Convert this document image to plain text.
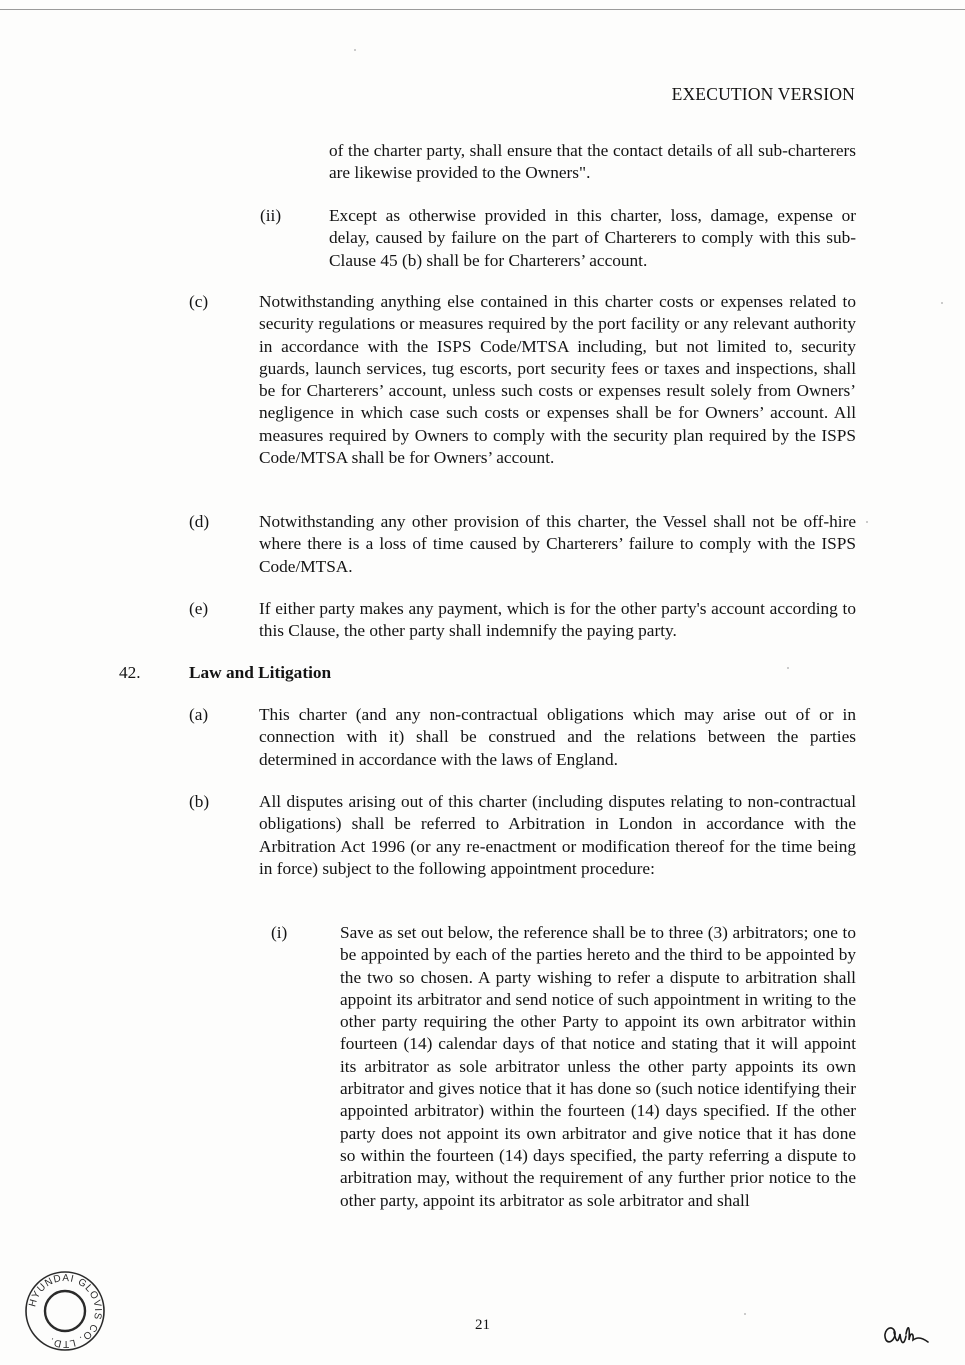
EXECUTION VERSION

of the charter party, shall ensure that the contact details of all sub-charterers are likewise provided to the Owners".

(ii)	Except as otherwise provided in this charter, loss, damage, expense or delay, caused by failure on the part of Charterers to comply with this sub-Clause 45 (b) shall be for Charterers’ account.

(c)	Notwithstanding anything else contained in this charter costs or expenses related to security regulations or measures required by the port facility or any relevant authority in accordance with the ISPS Code/MTSA including, but not limited to, security guards, launch services, tug escorts, port security fees or taxes and inspections, shall be for Charterers’ account, unless such costs or expenses result solely from Owners’ negligence in which case such costs or expenses shall be for Owners’ account. All measures required by Owners to comply with the security plan required by the ISPS Code/MTSA shall be for Owners’ account.

(d)	Notwithstanding any other provision of this charter, the Vessel shall not be off-hire where there is a loss of time caused by Charterers’ failure to comply with the ISPS Code/MTSA.

(e)	If either party makes any payment, which is for the other party's account according to this Clause, the other party shall indemnify the paying party.

42.	Law and Litigation
(a)	This charter (and any non-contractual obligations which may arise out of or in connection with it) shall be construed and the relations between the parties determined in accordance with the laws of England.

(b)	All disputes arising out of this charter (including disputes relating to non-contractual obligations) shall be referred to Arbitration in London in accordance with the Arbitration Act 1996 (or any re-enactment or modification thereof for the time being in force) subject to the following appointment procedure:

(i)	Save as set out below, the reference shall be to three (3) arbitrators; one to be appointed by each of the parties hereto and the third to be appointed by the two so chosen. A party wishing to refer a dispute to arbitration shall appoint its arbitrator and send notice of such appointment in writing to the other party requiring the other Party to appoint its own arbitrator within fourteen (14) calendar days of that notice and stating that it will appoint its arbitrator as sole arbitrator unless the other party appoints its own arbitrator and gives notice that it has done so (such notice identifying their appointed arbitrator) within the fourteen (14) days specified. If the other party does not appoint its own arbitrator and give notice that it has done so within the fourteen (14) days specified, the party referring a dispute to arbitration may, without the requirement of any further prior notice to the other party, appoint its arbitrator as sole arbitrator and shall

HYUNDAI GLOVIS CO. LTD.
21
